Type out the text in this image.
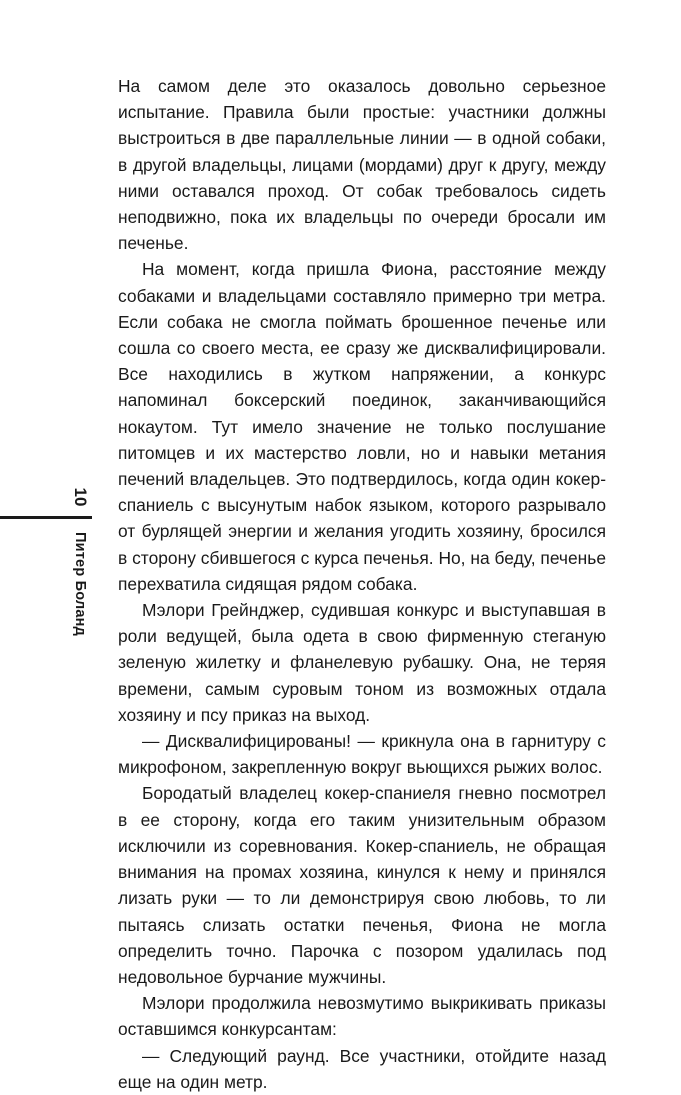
10
Питер Боланд

На самом деле это оказалось довольно серьезное испытание. Правила были простые: участники должны выстроиться в две параллельные линии — в одной собаки, в другой владельцы, лицами (мордами) друг к другу, между ними оставался проход. От собак требовалось сидеть неподвижно, пока их владельцы по очереди бросали им печенье.

На момент, когда пришла Фиона, расстояние между собаками и владельцами составляло примерно три метра. Если собака не смогла поймать брошенное печенье или сошла со своего места, ее сразу же дисквалифицировали. Все находились в жутком напряжении, а конкурс напоминал боксерский поединок, заканчивающийся нокаутом. Тут имело значение не только послушание питомцев и их мастерство ловли, но и навыки метания печений владельцев. Это подтвердилось, когда один кокер-спаниель с высунутым набок языком, которого разрывало от бурлящей энергии и желания угодить хозяину, бросился в сторону сбившегося с курса печенья. Но, на беду, печенье перехватила сидящая рядом собака.

Мэлори Грейнджер, судившая конкурс и выступавшая в роли ведущей, была одета в свою фирменную стеганую зеленую жилетку и фланелевую рубашку. Она, не теряя времени, самым суровым тоном из возможных отдала хозяину и псу приказ на выход.

— Дисквалифицированы! — крикнула она в гарнитуру с микрофоном, закрепленную вокруг вьющихся рыжих волос.

Бородатый владелец кокер-спаниеля гневно посмотрел в ее сторону, когда его таким унизительным образом исключили из соревнования. Кокер-спаниель, не обращая внимания на промах хозяина, кинулся к нему и принялся лизать руки — то ли демонстрируя свою любовь, то ли пытаясь слизать остатки печенья, Фиона не могла определить точно. Парочка с позором удалилась под недовольное бурчание мужчины.

Мэлори продолжила невозмутимо выкрикивать приказы оставшимся конкурсантам:

— Следующий раунд. Все участники, отойдите назад еще на один метр.
